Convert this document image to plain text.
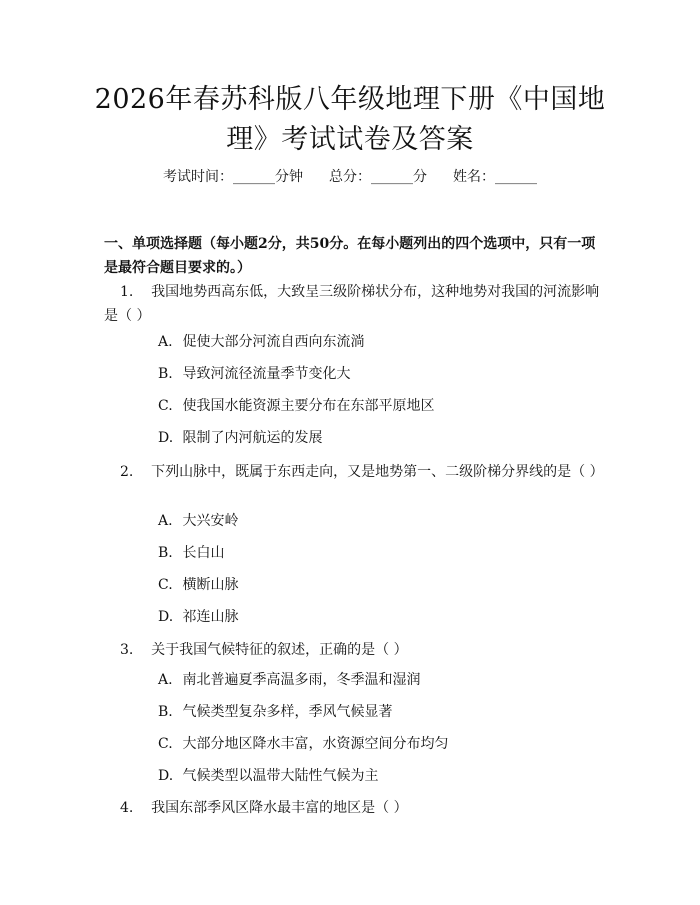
2026年春苏科版八年级地理下册《中国地理》考试试卷及答案
考试时间：______分钟 总分：______分 姓名：______
一、单项选择题（每小题2分，共50分。在每小题列出的四个选项中，只有一项是最符合题目要求的。）
1. 我国地势西高东低，大致呈三级阶梯状分布，这种地势对我国的河流影响是（ ）
A. 促使大部分河流自西向东流淌
B. 导致河流径流量季节变化大
C. 使我国水能资源主要分布在东部平原地区
D. 限制了内河航运的发展
2. 下列山脉中，既属于东西走向，又是地势第一、二级阶梯分界线的是（ ）
A. 大兴安岭
B. 长白山
C. 横断山脉
D. 祁连山脉
3. 关于我国气候特征的叙述，正确的是（ ）
A. 南北普遍夏季高温多雨，冬季温和湿润
B. 气候类型复杂多样，季风气候显著
C. 大部分地区降水丰富，水资源空间分布均匀
D. 气候类型以温带大陆性气候为主
4. 我国东部季风区降水最丰富的地区是（ ）
